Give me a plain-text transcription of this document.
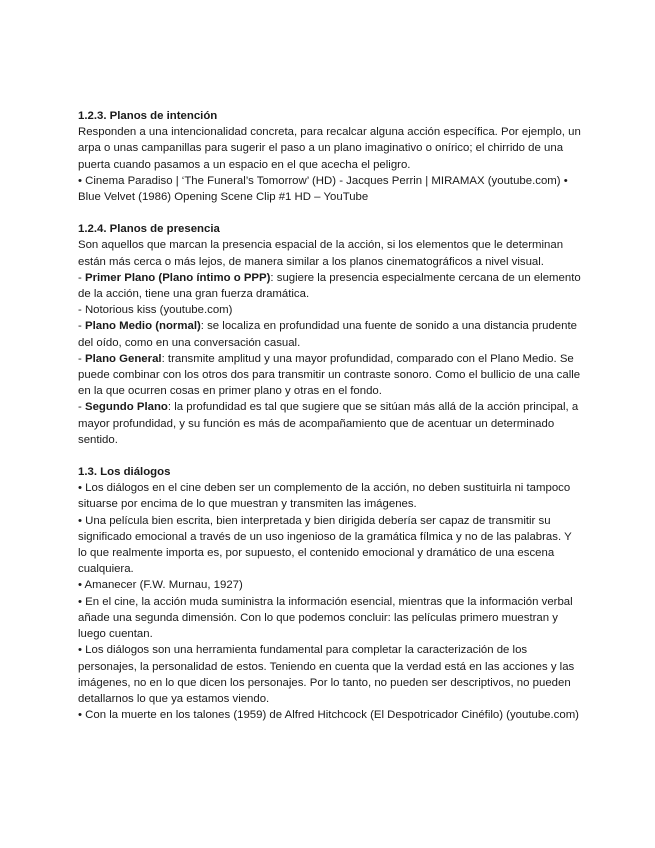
1.2.3. Planos de intención

Responden a una intencionalidad concreta, para recalcar alguna acción específica. Por ejemplo, un arpa o unas campanillas para sugerir el paso a un plano imaginativo o onírico; el chirrido de una puerta cuando pasamos a un espacio en el que acecha el peligro.

• Cinema Paradiso | ‘The Funeral’s Tomorrow’ (HD) - Jacques Perrin | MIRAMAX (youtube.com) • Blue Velvet (1986) Opening Scene Clip #1 HD – YouTube

1.2.4. Planos de presencia

Son aquellos que marcan la presencia espacial de la acción, si los elementos que le determinan están más cerca o más lejos, de manera similar a los planos cinematográficos a nivel visual.

- Primer Plano (Plano íntimo o PPP): sugiere la presencia especialmente cercana de un elemento de la acción, tiene una gran fuerza dramática.

- Notorious kiss (youtube.com)

- Plano Medio (normal): se localiza en profundidad una fuente de sonido a una distancia prudente del oído, como en una conversación casual.

- Plano General: transmite amplitud y una mayor profundidad, comparado con el Plano Medio. Se puede combinar con los otros dos para transmitir un contraste sonoro. Como el bullicio de una calle en la que ocurren cosas en primer plano y otras en el fondo.

- Segundo Plano: la profundidad es tal que sugiere que se sitúan más allá de la acción principal, a mayor profundidad, y su función es más de acompañamiento que de acentuar un determinado sentido.

1.3. Los diálogos

• Los diálogos en el cine deben ser un complemento de la acción, no deben sustituirla ni tampoco situarse por encima de lo que muestran y transmiten las imágenes.

• Una película bien escrita, bien interpretada y bien dirigida debería ser capaz de transmitir su significado emocional a través de un uso ingenioso de la gramática fílmica y no de las palabras. Y lo que realmente importa es, por supuesto, el contenido emocional y dramático de una escena cualquiera.

• Amanecer (F.W. Murnau, 1927)

• En el cine, la acción muda suministra la información esencial, mientras que la información verbal añade una segunda dimensión. Con lo que podemos concluir: las películas primero muestran y luego cuentan.

• Los diálogos son una herramienta fundamental para completar la caracterización de los personajes, la personalidad de estos. Teniendo en cuenta que la verdad está en las acciones y las imágenes, no en lo que dicen los personajes. Por lo tanto, no pueden ser descriptivos, no pueden detallarnos lo que ya estamos viendo.

• Con la muerte en los talones (1959) de Alfred Hitchcock (El Despotricador Cinéfilo) (youtube.com)
